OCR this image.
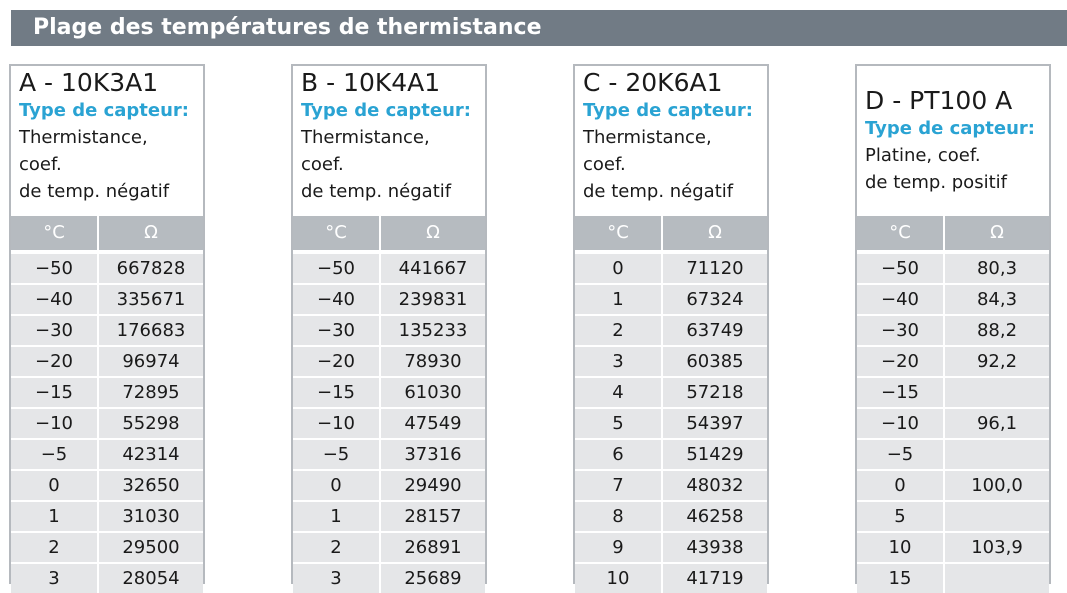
Plage des températures de thermistance
A - 10K3A1
Type de capteur:
Thermistance,
coef.
de temp. négatif
°C	Ω
−50	667828
−40	335671
−30	176683
−20	96974
−15	72895
−10	55298
−5	42314
0	32650
1	31030
2	29500
3	28054
B - 10K4A1
Type de capteur:
Thermistance,
coef.
de temp. négatif
°C	Ω
−50	441667
−40	239831
−30	135233
−20	78930
−15	61030
−10	47549
−5	37316
0	29490
1	28157
2	26891
3	25689
C - 20K6A1
Type de capteur:
Thermistance,
coef.
de temp. négatif
°C	Ω
0	71120
1	67324
2	63749
3	60385
4	57218
5	54397
6	51429
7	48032
8	46258
9	43938
10	41719
D - PT100 A
Type de capteur:
Platine, coef.
de temp. positif
°C	Ω
−50	80,3
−40	84,3
−30	88,2
−20	92,2
−15
−10	96,1
−5
0	100,0
5
10	103,9
15
